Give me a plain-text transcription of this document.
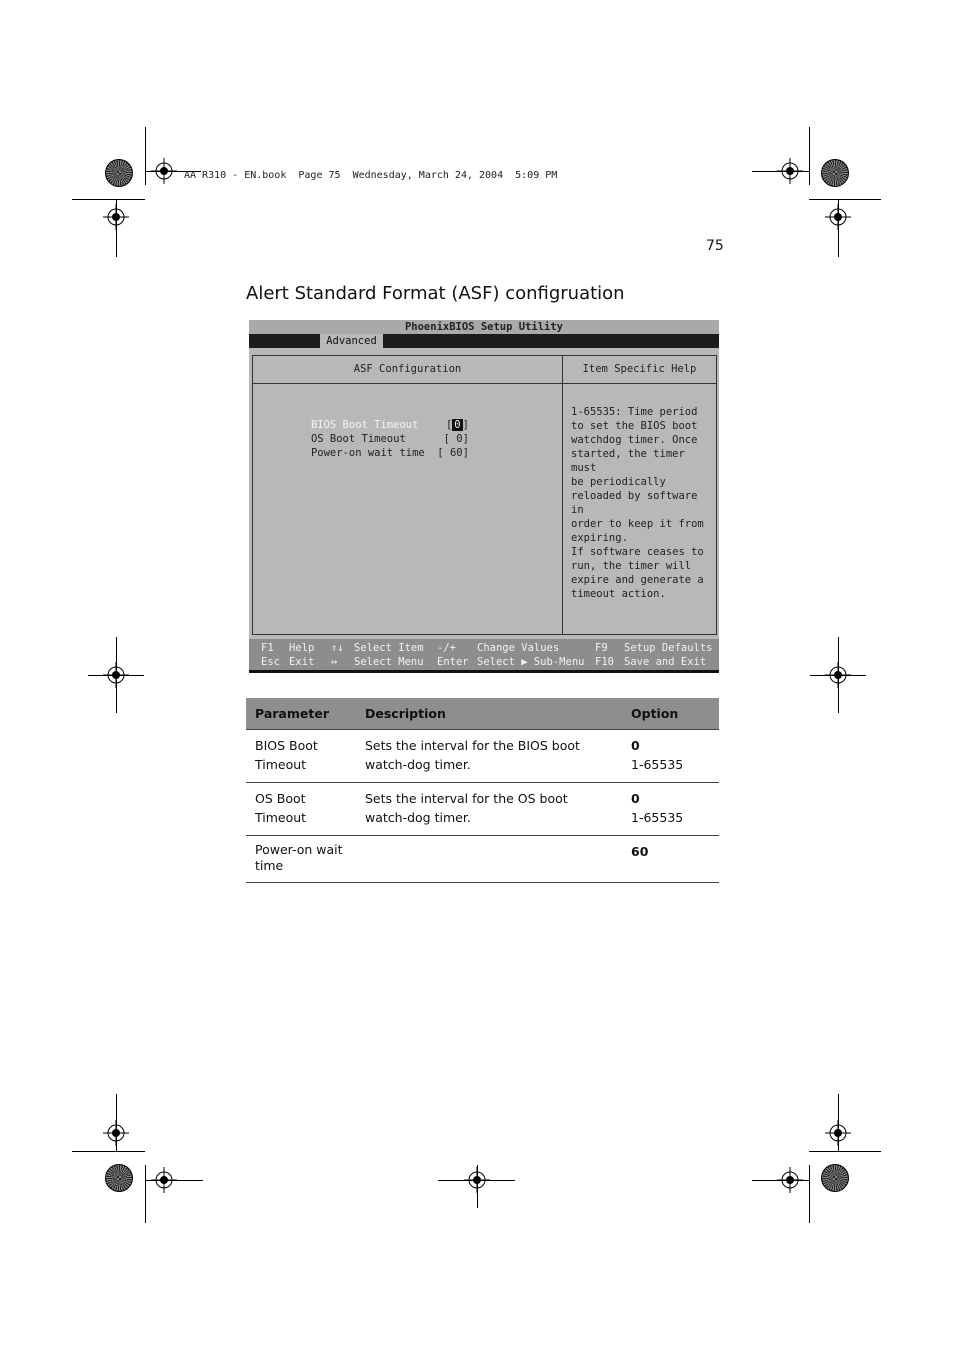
AA R310 - EN.book  Page 75  Wednesday, March 24, 2004  5:09 PM
75
Alert Standard Format (ASF) configruation
PhoenixBIOS Setup Utility
Advanced
ASF Configuration

BIOS Boot Timeout	[ 0 ]

OS Boot Timeout	[ 0]

Power-on wait time [ 60]

Item Specific Help
1-65535: Time period
to set the BIOS boot
watchdog timer. Once
started, the timer must
be periodically
reloaded by software in
order to keep it from
expiring.
If software ceases to
run, the timer will
expire and generate a
timeout action.
F1 Help ↑↓ Select Item -/+ Change Values	F9 Setup Defaults
Esc Exit ↔ Select Menu Enter Select ▶ Sub-Menu F10 Save and Exit
Parameter	Description	Option
BIOS Boot Timeout	Sets the interval for the BIOS boot watch-dog timer.	0
1-65535

OS Boot Timeout	Sets the interval for the OS boot watch-dog timer.	0
1-65535

Power-on wait time		60
